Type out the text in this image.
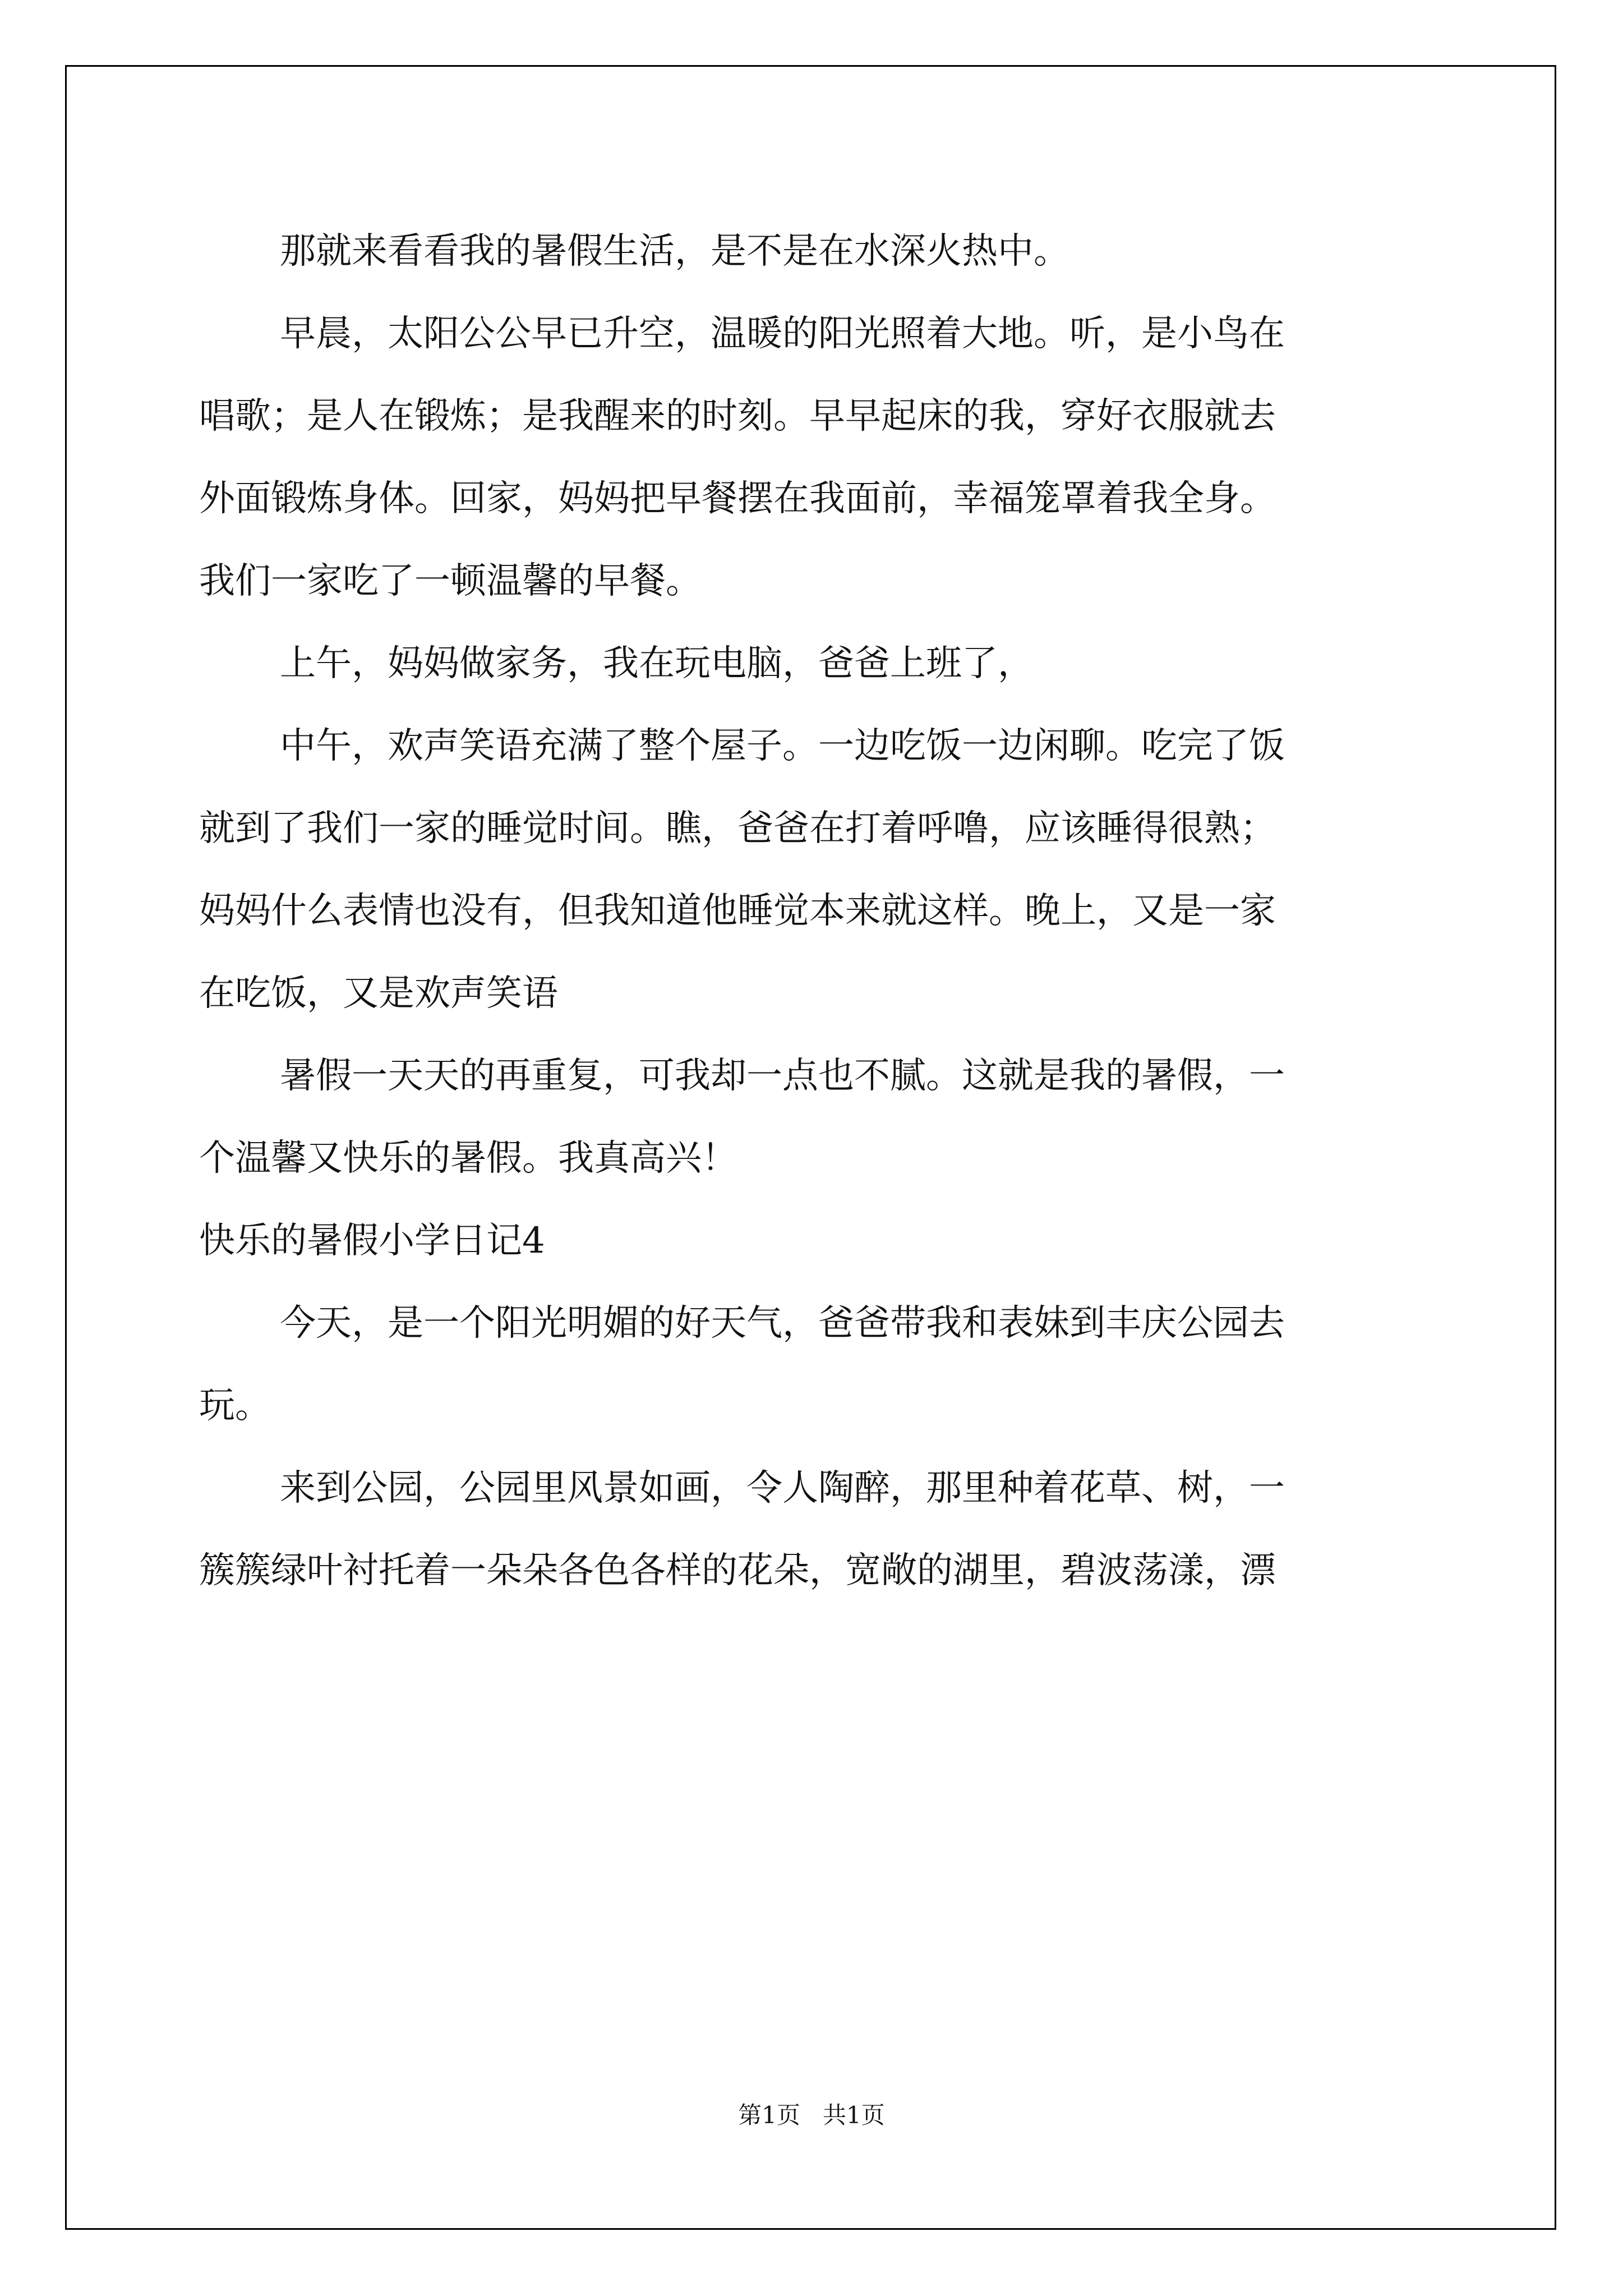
那就来看看我的暑假生活，是不是在水深火热中。
早晨，太阳公公早已升空，温暖的阳光照着大地。听，是小鸟在
唱歌；是人在锻炼；是我醒来的时刻。早早起床的我，穿好衣服就去
外面锻炼身体。回家，妈妈把早餐摆在我面前，幸福笼罩着我全身。
我们一家吃了一顿温馨的早餐。
上午，妈妈做家务，我在玩电脑，爸爸上班了，
中午，欢声笑语充满了整个屋子。一边吃饭一边闲聊。吃完了饭
就到了我们一家的睡觉时间。瞧，爸爸在打着呼噜，应该睡得很熟；
妈妈什么表情也没有，但我知道他睡觉本来就这样。晚上，又是一家
在吃饭，又是欢声笑语
暑假一天天的再重复，可我却一点也不腻。这就是我的暑假，一
个温馨又快乐的暑假。我真高兴！
快乐的暑假小学日记4
今天，是一个阳光明媚的好天气，爸爸带我和表妹到丰庆公园去
玩。
来到公园，公园里风景如画，令人陶醉，那里种着花草、树，一
簇簇绿叶衬托着一朵朵各色各样的花朵，宽敞的湖里，碧波荡漾，漂
第1页 共1页
